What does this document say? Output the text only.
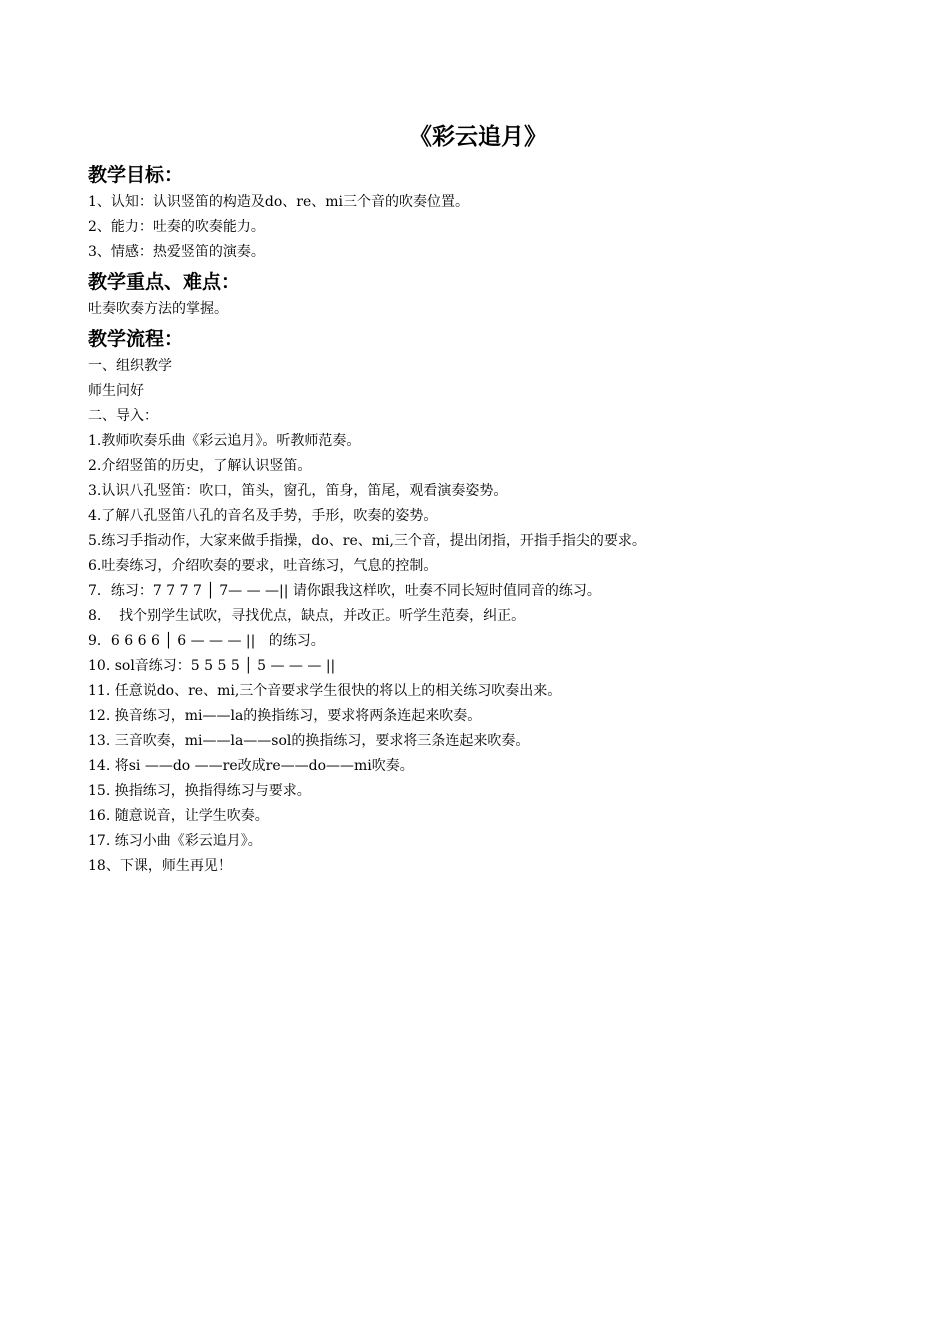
《彩云追月》
教学目标：
1、认知：认识竖笛的构造及do、re、mi三个音的吹奏位置。
2、能力：吐奏的吹奏能力。
3、情感：热爱竖笛的演奏。
教学重点、难点：
吐奏吹奏方法的掌握。
教学流程：
一、组织教学
师生问好
二、导入：
1.教师吹奏乐曲《彩云追月》。听教师范奏。
2.介绍竖笛的历史，了解认识竖笛。
3.认识八孔竖笛：吹口，笛头，窗孔，笛身，笛尾，观看演奏姿势。
4.了解八孔竖笛八孔的音名及手势，手形，吹奏的姿势。
5.练习手指动作，大家来做手指操，do、re、mi,三个音，提出闭指，开指手指尖的要求。
6.吐奏练习，介绍吹奏的要求，吐音练习，气息的控制。
7．练习：7 7 7 7 │ 7— — —|| 请你跟我这样吹，吐奏不同长短时值同音的练习。
8.    找个别学生试吹，寻找优点，缺点，并改正。听学生范奏，纠正。
9．6 6 6 6 │ 6 — — — ||   的练习。
10. sol音练习：5 5 5 5 │ 5 — — — ||
11. 任意说do、re、mi,三个音要求学生很快的将以上的相关练习吹奏出来。
12. 换音练习，mi——la的换指练习，要求将两条连起来吹奏。
13. 三音吹奏，mi——la——sol的换指练习，要求将三条连起来吹奏。
14. 将si ——do ——re改成re——do——mi吹奏。
15. 换指练习，换指得练习与要求。
16. 随意说音，让学生吹奏。
17. 练习小曲《彩云追月》。
18、下课，师生再见！
